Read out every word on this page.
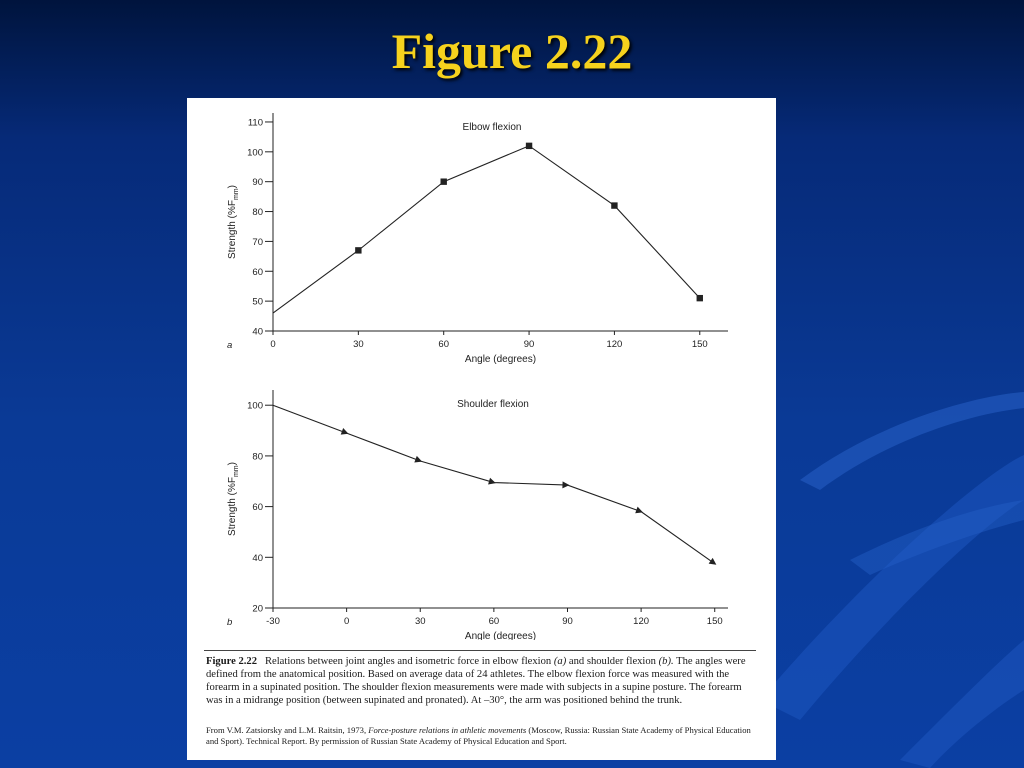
Figure 2.22
40
50
60
70
80
90
100
110
0	30	60	90	120	150
a
Angle (degrees)
Strength $(\%F_{mm})$
Elbow flexion
20
40
60
80
100
-30	0	30	60	90	120	150
b
Angle (degrees)
Strength $(\%F_{mm})$
Shoulder flexion
Figure 2.22 Relations between joint angles and isometric force in elbow flexion (a) and shoulder flexion (b). The angles were defined from the anatomical position. Based on average data of 24 athletes. The elbow flexion force was measured with the forearm in a supinated position. The shoulder flexion measurements were made with subjects in a supine posture. The forearm was in a midrange position (between supinated and pronated). At –30°, the arm was positioned behind the trunk.
From V.M. Zatsiorsky and L.M. Raitsin, 1973, Force-posture relations in athletic movements (Moscow, Russia: Russian State Academy of Physical Education and Sport). Technical Report. By permission of Russian State Academy of Physical Education and Sport.
